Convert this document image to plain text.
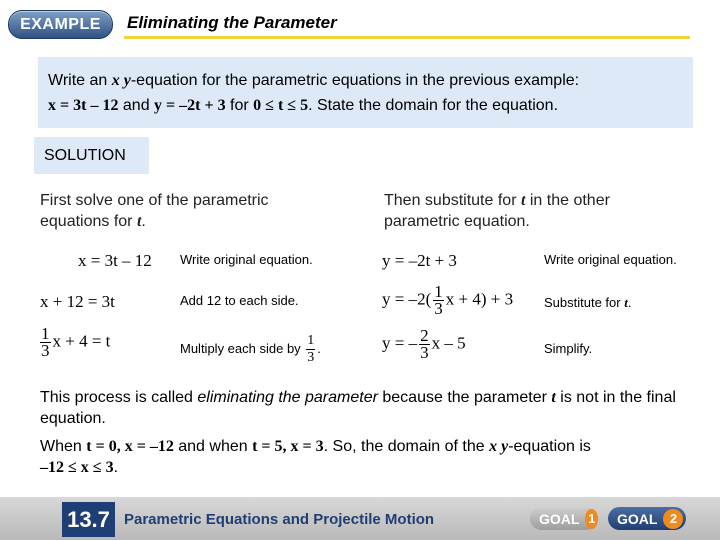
EXAMPLE	Eliminating the Parameter
Write an x y-equation for the parametric equations in the previous example:
x = 3t – 12 and y = –2t + 3 for 0 ≤ t ≤ 5. State the domain for the equation.
SOLUTION
First solve one of the parametric equations for t.
x = 3t – 12 Write original equation.
x + 12 = 3t	Add 12 to each side.
$\frac{1}{3}$ x + 4 = t	Multiply each side by $\frac{1}{3}$ .
Then substitute for t in the other parametric equation.
y = –2t + 3	Write original equation.
$y = -2( \frac{1}{3}$ x + 4) + 3 Substitute for t.
y = – $\frac{2}{3}$ x – 5	Simplify.
This process is called eliminating the parameter because the parameter t is not in the final equation.
When t = 0, x = –12 and when t = 5, x = 3. So, the domain of the x y-equation is
–12 ≤ x ≤ 3.
13.7 Parametric Equations and Projectile Motion	GOAL 1 GOAL 2
